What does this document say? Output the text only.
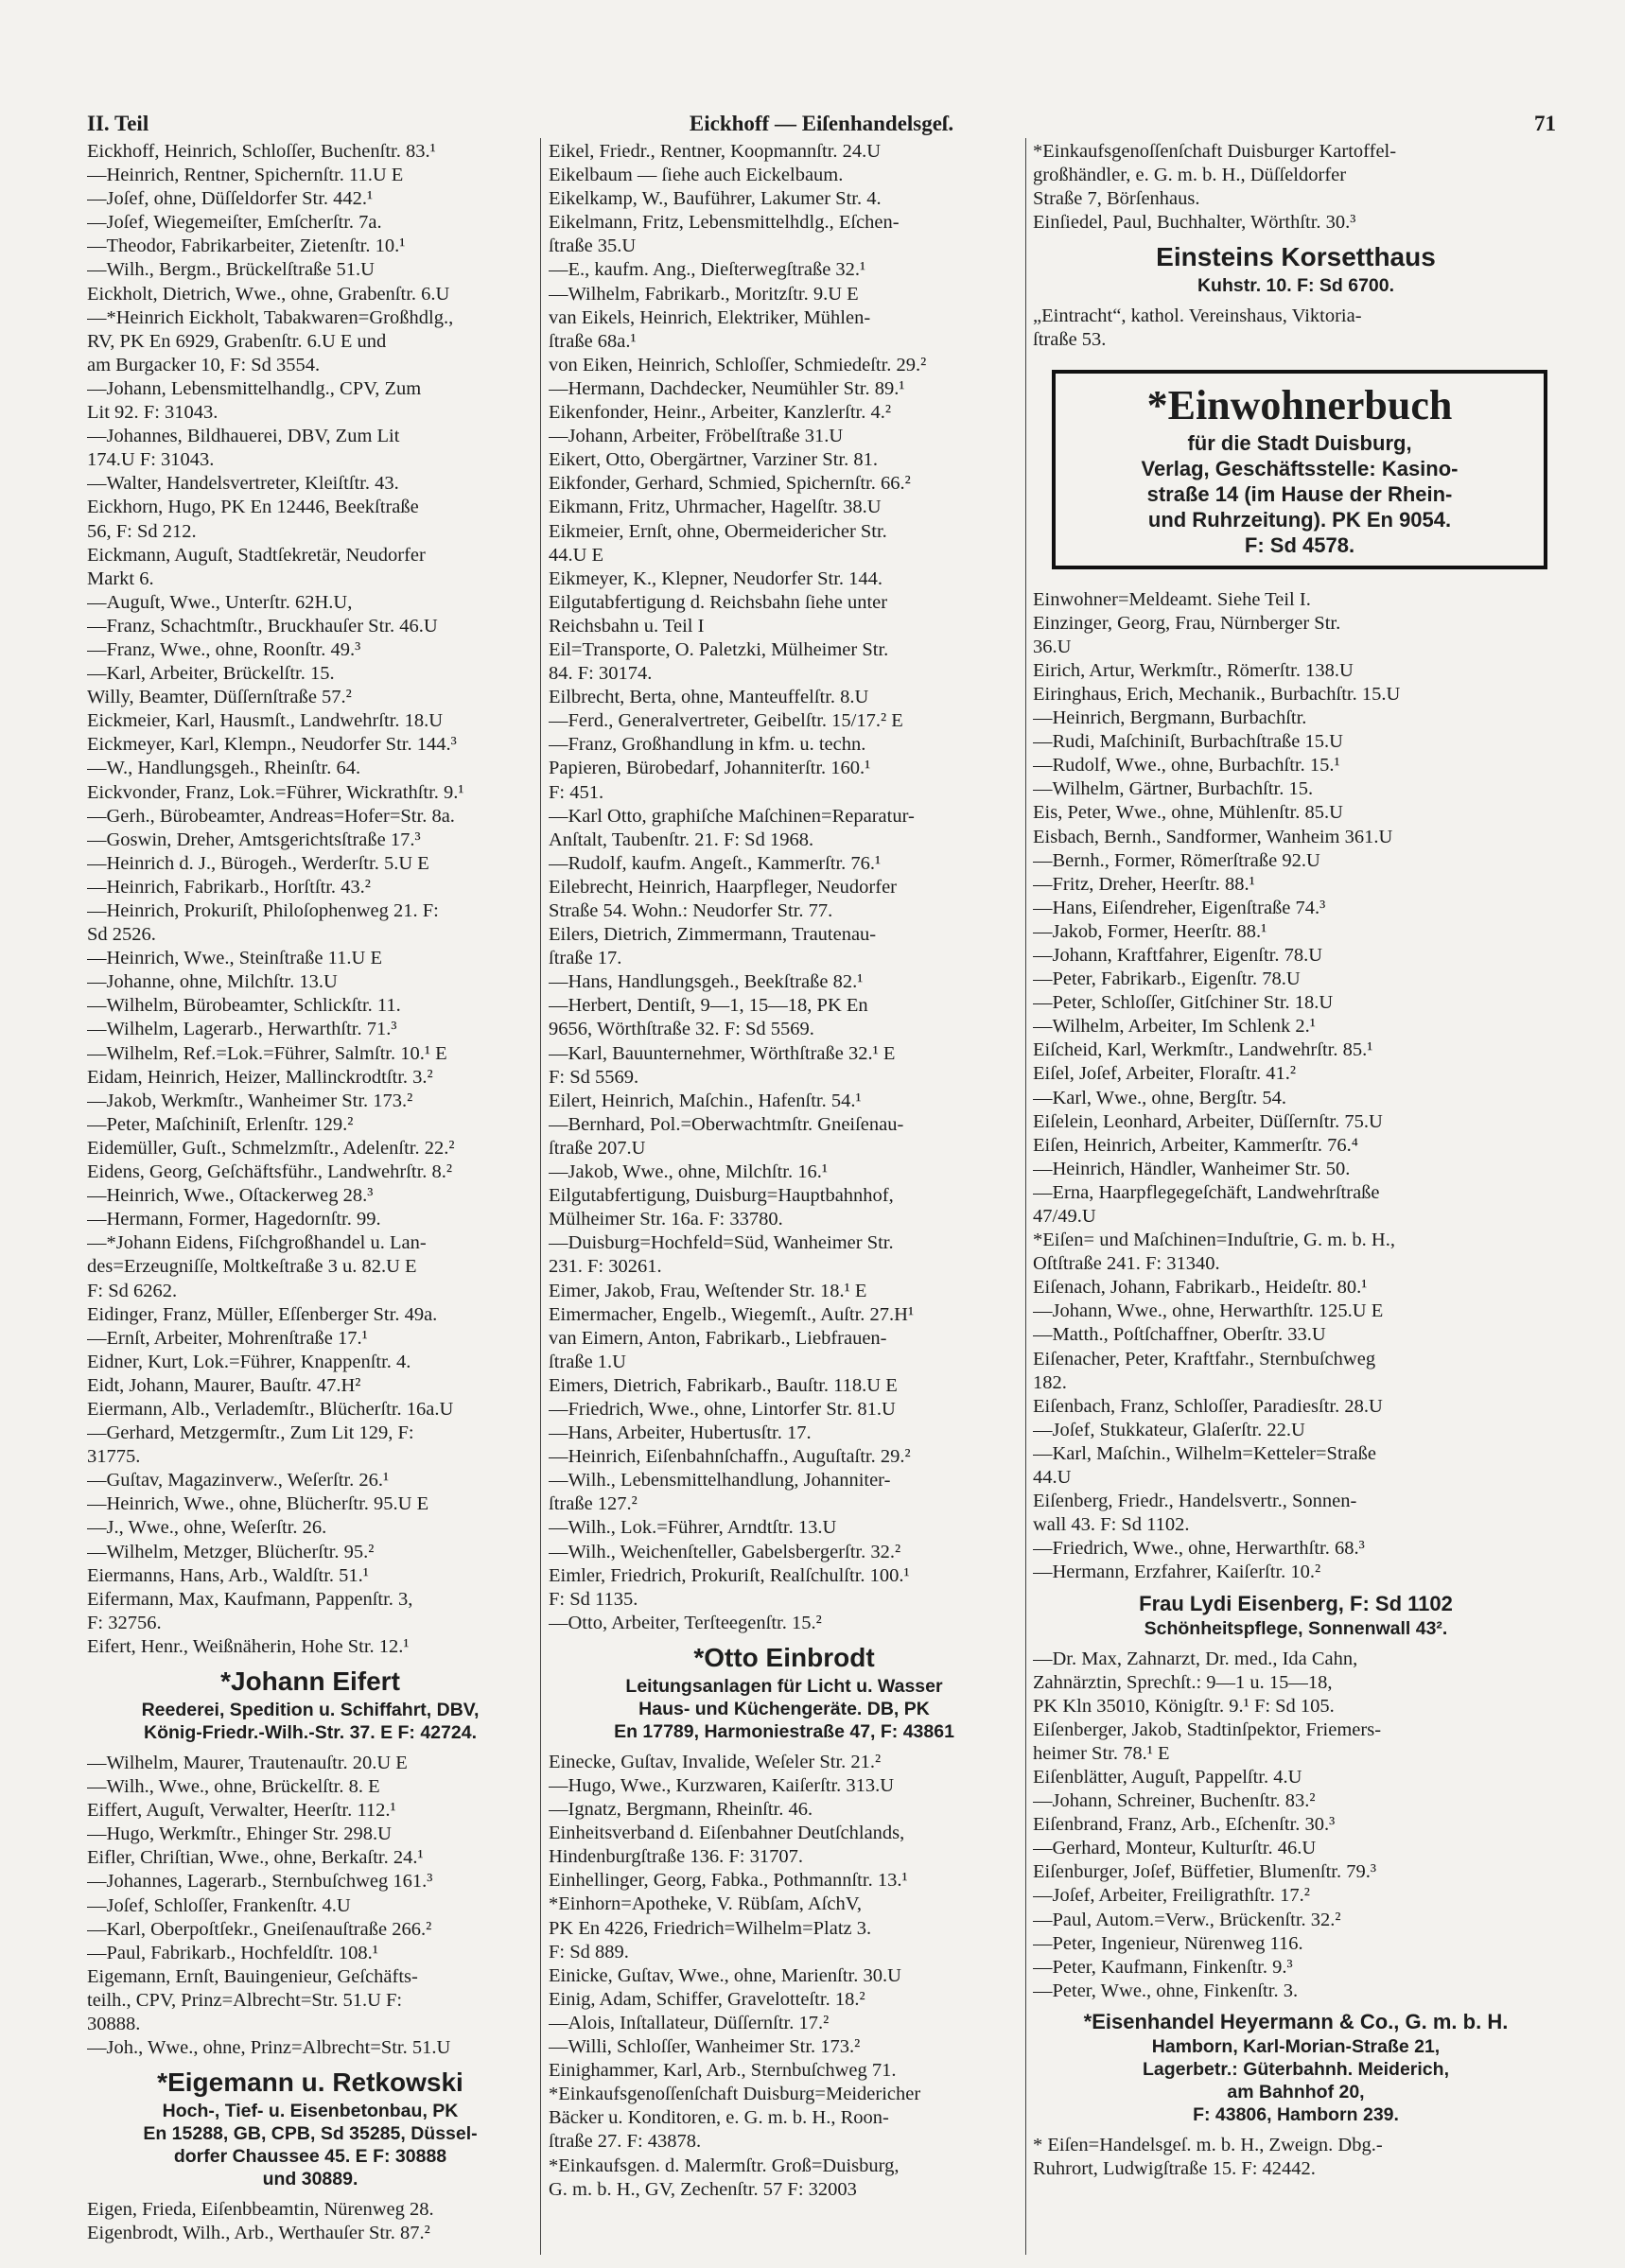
II. Teil	Eickhoff — Eiſenhandelsgeſ.	71
Eickhoff, Heinrich, Schloſſer, Buchenſtr. 83.¹
—Heinrich, Rentner, Spichernſtr. 11.U E
—Joſef, ohne, Düſſeldorfer Str. 442.¹
—Joſef, Wiegemeiſter, Emſcherſtr. 7a.
—Theodor, Fabrikarbeiter, Zietenſtr. 10.¹
—Wilh., Bergm., Brückelſtraße 51.U
Eickholt, Dietrich, Wwe., ohne, Grabenſtr. 6.U
—*Heinrich Eickholt, Tabakwaren=Großhdlg.,
RV, PK En 6929, Grabenſtr. 6.U E und
am Burgacker 10, F: Sd 3554.
—Johann, Lebensmittelhandlg., CPV, Zum
Lit 92. F: 31043.
—Johannes, Bildhauerei, DBV, Zum Lit
174.U F: 31043.
—Walter, Handelsvertreter, Kleiſtſtr. 43.
Eickhorn, Hugo, PK En 12446, Beekſtraße
56, F: Sd 212.
Eickmann, Auguſt, Stadtſekretär, Neudorfer
Markt 6.
—Auguſt, Wwe., Unterſtr. 62H.U,
—Franz, Schachtmſtr., Bruckhauſer Str. 46.U
—Franz, Wwe., ohne, Roonſtr. 49.³
—Karl, Arbeiter, Brückelſtr. 15.
Willy, Beamter, Düſſernſtraße 57.²
Eickmeier, Karl, Hausmſt., Landwehrſtr. 18.U
Eickmeyer, Karl, Klempn., Neudorfer Str. 144.³
—W., Handlungsgeh., Rheinſtr. 64.
Eickvonder, Franz, Lok.=Führer, Wickrathſtr. 9.¹
—Gerh., Bürobeamter, Andreas=Hofer=Str. 8a.
—Goswin, Dreher, Amtsgerichtsſtraße 17.³
—Heinrich d. J., Bürogeh., Werderſtr. 5.U E
—Heinrich, Fabrikarb., Horſtſtr. 43.²
—Heinrich, Prokuriſt, Philoſophenweg 21. F:
Sd 2526.
—Heinrich, Wwe., Steinſtraße 11.U E
—Johanne, ohne, Milchſtr. 13.U
—Wilhelm, Bürobeamter, Schlickſtr. 11.
—Wilhelm, Lagerarb., Herwarthſtr. 71.³
—Wilhelm, Ref.=Lok.=Führer, Salmſtr. 10.¹ E
Eidam, Heinrich, Heizer, Mallinckrodtſtr. 3.²
—Jakob, Werkmſtr., Wanheimer Str. 173.²
—Peter, Maſchiniſt, Erlenſtr. 129.²
Eidemüller, Guſt., Schmelzmſtr., Adelenſtr. 22.²
Eidens, Georg, Geſchäftsführ., Landwehrſtr. 8.²
—Heinrich, Wwe., Oſtackerweg 28.³
—Hermann, Former, Hagedornſtr. 99.
—*Johann Eidens, Fiſchgroßhandel u. Lan-
des=Erzeugniſſe, Moltkeſtraße 3 u. 82.U E
F: Sd 6262.
Eidinger, Franz, Müller, Eſſenberger Str. 49a.
—Ernſt, Arbeiter, Mohrenſtraße 17.¹
Eidner, Kurt, Lok.=Führer, Knappenſtr. 4.
Eidt, Johann, Maurer, Bauſtr. 47.H²
Eiermann, Alb., Verlademſtr., Blücherſtr. 16a.U
—Gerhard, Metzgermſtr., Zum Lit 129, F:
31775.
—Guſtav, Magazinverw., Weſerſtr. 26.¹
—Heinrich, Wwe., ohne, Blücherſtr. 95.U E
—J., Wwe., ohne, Weſerſtr. 26.
—Wilhelm, Metzger, Blücherſtr. 95.²
Eiermanns, Hans, Arb., Waldſtr. 51.¹
Eifermann, Max, Kaufmann, Pappenſtr. 3,
F: 32756.
Eifert, Henr., Weißnäherin, Hohe Str. 12.¹
*Johann Eifert
Reederei, Spedition u. Schiffahrt, DBV,
König-Friedr.-Wilh.-Str. 37. E F: 42724.
—Wilhelm, Maurer, Trautenauſtr. 20.U E
—Wilh., Wwe., ohne, Brückelſtr. 8. E
Eiffert, Auguſt, Verwalter, Heerſtr. 112.¹
—Hugo, Werkmſtr., Ehinger Str. 298.U
Eifler, Chriſtian, Wwe., ohne, Berkaſtr. 24.¹
—Johannes, Lagerarb., Sternbuſchweg 161.³
—Joſef, Schloſſer, Frankenſtr. 4.U
—Karl, Oberpoſtſekr., Gneiſenauſtraße 266.²
—Paul, Fabrikarb., Hochfeldſtr. 108.¹
Eigemann, Ernſt, Bauingenieur, Geſchäfts-
teilh., CPV, Prinz=Albrecht=Str. 51.U F:
30888.
—Joh., Wwe., ohne, Prinz=Albrecht=Str. 51.U
*Eigemann u. Retkowski
Hoch-, Tief- u. Eisenbetonbau, PK
En 15288, GB, CPB, Sd 35285, Düssel-
dorfer Chaussee 45. E F: 30888
und 30889.
Eigen, Frieda, Eiſenbbeamtin, Nürenweg 28.
Eigenbrodt, Wilh., Arb., Werthauſer Str. 87.²
Eikel, Friedr., Rentner, Koopmannſtr. 24.U
Eikelbaum — ſiehe auch Eickelbaum.
Eikelkamp, W., Bauführer, Lakumer Str. 4.
Eikelmann, Fritz, Lebensmittelhdlg., Eſchen-
ſtraße 35.U
—E., kaufm. Ang., Dieſterwegſtraße 32.¹
—Wilhelm, Fabrikarb., Moritzſtr. 9.U E
van Eikels, Heinrich, Elektriker, Mühlen-
ſtraße 68a.¹
von Eiken, Heinrich, Schloſſer, Schmiedeſtr. 29.²
—Hermann, Dachdecker, Neumühler Str. 89.¹
Eikenfonder, Heinr., Arbeiter, Kanzlerſtr. 4.²
—Johann, Arbeiter, Fröbelſtraße 31.U
Eikert, Otto, Obergärtner, Varziner Str. 81.
Eikfonder, Gerhard, Schmied, Spichernſtr. 66.²
Eikmann, Fritz, Uhrmacher, Hagelſtr. 38.U
Eikmeier, Ernſt, ohne, Obermeidericher Str.
44.U E
Eikmeyer, K., Klepner, Neudorfer Str. 144.
Eilgutabfertigung d. Reichsbahn ſiehe unter
Reichsbahn u. Teil I
Eil=Transporte, O. Paletzki, Mülheimer Str.
84. F: 30174.
Eilbrecht, Berta, ohne, Manteuffelſtr. 8.U
—Ferd., Generalvertreter, Geibelſtr. 15/17.² E
—Franz, Großhandlung in kfm. u. techn.
Papieren, Bürobedarf, Johanniterſtr. 160.¹
F: 451.
—Karl Otto, graphiſche Maſchinen=Reparatur-
Anſtalt, Taubenſtr. 21. F: Sd 1968.
—Rudolf, kaufm. Angeſt., Kammerſtr. 76.¹
Eilebrecht, Heinrich, Haarpfleger, Neudorfer
Straße 54. Wohn.: Neudorfer Str. 77.
Eilers, Dietrich, Zimmermann, Trautenau-
ſtraße 17.
—Hans, Handlungsgeh., Beekſtraße 82.¹
—Herbert, Dentiſt, 9—1, 15—18, PK En
9656, Wörthſtraße 32. F: Sd 5569.
—Karl, Bauunternehmer, Wörthſtraße 32.¹ E
F: Sd 5569.
Eilert, Heinrich, Maſchin., Hafenſtr. 54.¹
—Bernhard, Pol.=Oberwachtmſtr. Gneiſenau-
ſtraße 207.U
—Jakob, Wwe., ohne, Milchſtr. 16.¹
Eilgutabfertigung, Duisburg=Hauptbahnhof,
Mülheimer Str. 16a. F: 33780.
—Duisburg=Hochfeld=Süd, Wanheimer Str.
231. F: 30261.
Eimer, Jakob, Frau, Weſtender Str. 18.¹ E
Eimermacher, Engelb., Wiegemſt., Auſtr. 27.H¹
van Eimern, Anton, Fabrikarb., Liebfrauen-
ſtraße 1.U
Eimers, Dietrich, Fabrikarb., Bauſtr. 118.U E
—Friedrich, Wwe., ohne, Lintorfer Str. 81.U
—Hans, Arbeiter, Hubertusſtr. 17.
—Heinrich, Eiſenbahnſchaffn., Auguſtaſtr. 29.²
—Wilh., Lebensmittelhandlung, Johanniter-
ſtraße 127.²
—Wilh., Lok.=Führer, Arndtſtr. 13.U
—Wilh., Weichenſteller, Gabelsbergerſtr. 32.²
Eimler, Friedrich, Prokuriſt, Realſchulſtr. 100.¹
F: Sd 1135.
—Otto, Arbeiter, Terſteegenſtr. 15.²
*Otto Einbrodt
Leitungsanlagen für Licht u. Wasser
Haus- und Küchengeräte. DB, PK
En 17789, Harmoniestraße 47, F: 43861
Einecke, Guſtav, Invalide, Weſeler Str. 21.²
—Hugo, Wwe., Kurzwaren, Kaiſerſtr. 313.U
—Ignatz, Bergmann, Rheinſtr. 46.
Einheitsverband d. Eiſenbahner Deutſchlands,
Hindenburgſtraße 136. F: 31707.
Einhellinger, Georg, Fabka., Pothmannſtr. 13.¹
*Einhorn=Apotheke, V. Rübſam, AſchV,
PK En 4226, Friedrich=Wilhelm=Platz 3.
F: Sd 889.
Einicke, Guſtav, Wwe., ohne, Marienſtr. 30.U
Einig, Adam, Schiffer, Gravelotteſtr. 18.²
—Alois, Inſtallateur, Düſſernſtr. 17.²
—Willi, Schloſſer, Wanheimer Str. 173.²
Einighammer, Karl, Arb., Sternbuſchweg 71.
*Einkaufsgenoſſenſchaft Duisburg=Meidericher
Bäcker u. Konditoren, e. G. m. b. H., Roon-
ſtraße 27. F: 43878.
*Einkaufsgen. d. Malermſtr. Groß=Duisburg,
G. m. b. H., GV, Zechenſtr. 57 F: 32003
*Einkaufsgenoſſenſchaft Duisburger Kartoffel-
großhändler, e. G. m. b. H., Düſſeldorfer
Straße 7, Börſenhaus.
Einſiedel, Paul, Buchhalter, Wörthſtr. 30.³
Einsteins Korsetthaus
Kuhstr. 10. F: Sd 6700.
„Eintracht“, kathol. Vereinshaus, Viktoria-
ſtraße 53.
*Einwohnerbuch
für die Stadt Duisburg,
Verlag, Geschäftsstelle: Kasino-
straße 14 (im Hause der Rhein-
und Ruhrzeitung). PK En 9054.
F: Sd 4578.
Einwohner=Meldeamt. Siehe Teil I.
Einzinger, Georg, Frau, Nürnberger Str.
36.U
Eirich, Artur, Werkmſtr., Römerſtr. 138.U
Eiringhaus, Erich, Mechanik., Burbachſtr. 15.U
—Heinrich, Bergmann, Burbachſtr.
—Rudi, Maſchiniſt, Burbachſtraße 15.U
—Rudolf, Wwe., ohne, Burbachſtr. 15.¹
—Wilhelm, Gärtner, Burbachſtr. 15.
Eis, Peter, Wwe., ohne, Mühlenſtr. 85.U
Eisbach, Bernh., Sandformer, Wanheim 361.U
—Bernh., Former, Römerſtraße 92.U
—Fritz, Dreher, Heerſtr. 88.¹
—Hans, Eiſendreher, Eigenſtraße 74.³
—Jakob, Former, Heerſtr. 88.¹
—Johann, Kraftfahrer, Eigenſtr. 78.U
—Peter, Fabrikarb., Eigenſtr. 78.U
—Peter, Schloſſer, Gitſchiner Str. 18.U
—Wilhelm, Arbeiter, Im Schlenk 2.¹
Eiſcheid, Karl, Werkmſtr., Landwehrſtr. 85.¹
Eiſel, Joſef, Arbeiter, Floraſtr. 41.²
—Karl, Wwe., ohne, Bergſtr. 54.
Eiſelein, Leonhard, Arbeiter, Düſſernſtr. 75.U
Eiſen, Heinrich, Arbeiter, Kammerſtr. 76.⁴
—Heinrich, Händler, Wanheimer Str. 50.
—Erna, Haarpflegegeſchäft, Landwehrſtraße
47/49.U
*Eiſen= und Maſchinen=Induſtrie, G. m. b. H.,
Oſtſtraße 241. F: 31340.
Eiſenach, Johann, Fabrikarb., Heideſtr. 80.¹
—Johann, Wwe., ohne, Herwarthſtr. 125.U E
—Matth., Poſtſchaffner, Oberſtr. 33.U
Eiſenacher, Peter, Kraftfahr., Sternbuſchweg
182.
Eiſenbach, Franz, Schloſſer, Paradiesſtr. 28.U
—Joſef, Stukkateur, Glaſerſtr. 22.U
—Karl, Maſchin., Wilhelm=Ketteler=Straße
44.U
Eiſenberg, Friedr., Handelsvertr., Sonnen-
wall 43. F: Sd 1102.
—Friedrich, Wwe., ohne, Herwarthſtr. 68.³
—Hermann, Erzfahrer, Kaiſerſtr. 10.²
Frau Lydi Eisenberg, F: Sd 1102
Schönheitspflege, Sonnenwall 43².
—Dr. Max, Zahnarzt, Dr. med., Ida Cahn,
Zahnärztin, Sprechſt.: 9—1 u. 15—18,
PK Kln 35010, Königſtr. 9.¹ F: Sd 105.
Eiſenberger, Jakob, Stadtinſpektor, Friemers-
heimer Str. 78.¹ E
Eiſenblätter, Auguſt, Pappelſtr. 4.U
—Johann, Schreiner, Buchenſtr. 83.²
Eiſenbrand, Franz, Arb., Eſchenſtr. 30.³
—Gerhard, Monteur, Kulturſtr. 46.U
Eiſenburger, Joſef, Büffetier, Blumenſtr. 79.³
—Joſef, Arbeiter, Freiligrathſtr. 17.²
—Paul, Autom.=Verw., Brückenſtr. 32.²
—Peter, Ingenieur, Nürenweg 116.
—Peter, Kaufmann, Finkenſtr. 9.³
—Peter, Wwe., ohne, Finkenſtr. 3.
*Eisenhandel Heyermann & Co., G. m. b. H.
Hamborn, Karl-Morian-Straße 21,
Lagerbetr.: Güterbahnh. Meiderich,
am Bahnhof 20,
F: 43806, Hamborn 239.
* Eiſen=Handelsgeſ. m. b. H., Zweign. Dbg.-
Ruhrort, Ludwigſtraße 15. F: 42442.
